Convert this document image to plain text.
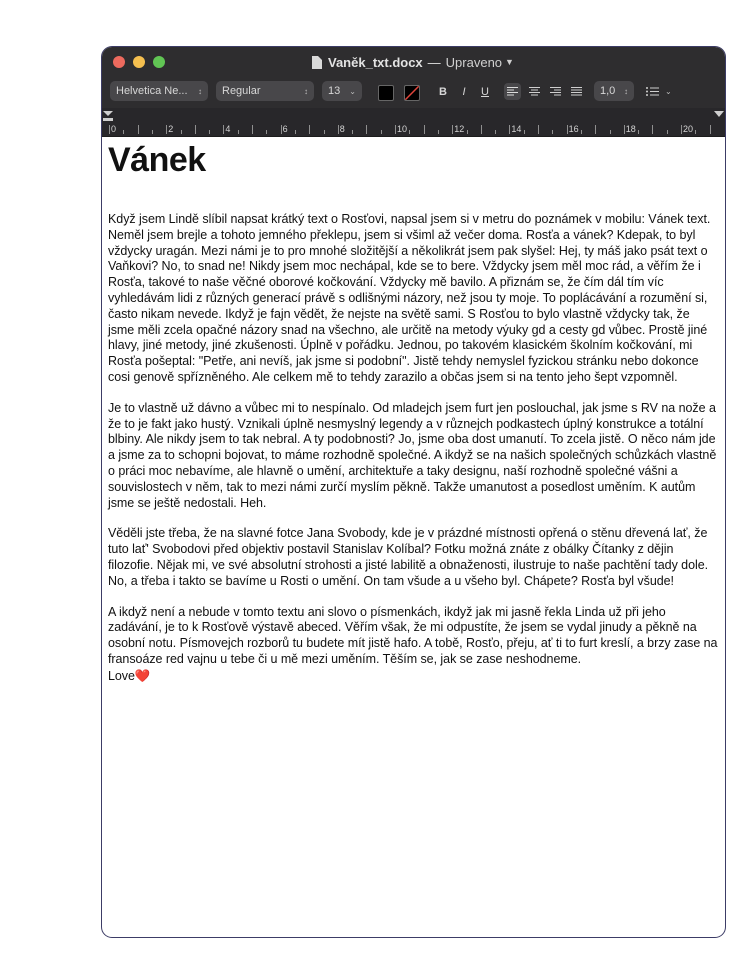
Vaněk_txt.docx — Upraveno ▼
Helvetica Ne... ↕ Regular	↕ 13 ⌄	B	I	U	1,0 ↕	⌄
0	2	4	6	8	10	12	14	16	18	20
Vánek

Když jsem Lindě slíbil napsat krátký text o Rosťovi, napsal jsem si v metru do poznámek v mobilu: Vánek text. Neměl jsem brejle a tohoto jemného překlepu, jsem si všiml až večer doma. Rosťa a vánek? Kdepak, to byl vždycky uragán. Mezi námi je to pro mnohé složitější a několikrát jsem pak slyšel: Hej, ty máš jako psát text o Vaňkovi? No, to snad ne! Nikdy jsem moc nechápal, kde se to bere. Vždycky jsem měl moc rád, a věřím že i Rosťa, takové to naše věčné oborové kočkování. Vždycky mě bavilo. A přiznám se, že čím dál tím víc vyhledávám lidi z různých generací právě s odlišnými názory, než jsou ty moje. To poplácávání a rozumění si, často nikam nevede. Ikdyž je fajn vědět, že nejste na světě sami. S Rosťou to bylo vlastně vždycky tak, že jsme měli zcela opačné názory snad na všechno, ale určitě na metody výuky gd a cesty gd vůbec. Prostě jiné hlavy, jiné metody, jiné zkušenosti. Úplně v pořádku. Jednou, po takovém klasickém školním kočkování, mi Rosťa pošeptal: "Petře, ani nevíš, jak jsme si podobní". Jistě tehdy nemyslel fyzickou stránku nebo dokonce cosi genově spřízněného. Ale celkem mě to tehdy zarazilo a občas jsem si na tento jeho šept vzpomněl.

Je to vlastně už dávno a vůbec mi to nespínalo. Od mladejch jsem furt jen poslouchal, jak jsme s RV na nože a že to je fakt jako hustý. Vznikali úplně nesmyslný legendy a v různejch podkastech úplný konstrukce a totální blbiny. Ale nikdy jsem to tak nebral. A ty podobnosti? Jo, jsme oba dost umanutí. To zcela jistě. O něco nám jde a jsme za to schopni bojovat, to máme rozhodně společné. A ikdyž se na našich společných schůzkách vlastně o práci moc nebavíme, ale hlavně o umění, architektuře a taky designu, naší rozhodně společné vášni a souvislostech v něm, tak to mezi námi zurčí myslím pěkně. Takže umanutost a posedlost uměním. K autům jsme se ještě nedostali. Heh.

Věděli jste třeba, že na slavné fotce Jana Svobody, kde je v prázdné místnosti opřená o stěnu dřevená lať, že tuto lať' Svobodovi před objektiv postavil Stanislav Kolíbal? Fotku možná znáte z obálky Čítanky z dějin filozofie. Nějak mi, ve své absolutní strohosti a jisté labilitě a obnaženosti, ilustruje to naše pachtění tady dole. No, a třeba i takto se bavíme u Rosti o umění. On tam všude a u všeho byl. Chápete? Rosťa byl všude!

A ikdyž není a nebude v tomto textu ani slovo o písmenkách, ikdyž jak mi jasně řekla Linda už při jeho zadávání, je to k Rosťově výstavě abeced. Věřím však, že mi odpustíte, že jsem se vydal jinudy a pěkně na osobní notu. Písmovejch rozborů tu budete mít jistě hafo. A tobě, Rosťo, přeju, ať ti to furt kreslí, a brzy zase na fransoáze red vajnu u tebe či u mě mezi uměním. Těším se, jak se zase neshodneme.

Love❤️
